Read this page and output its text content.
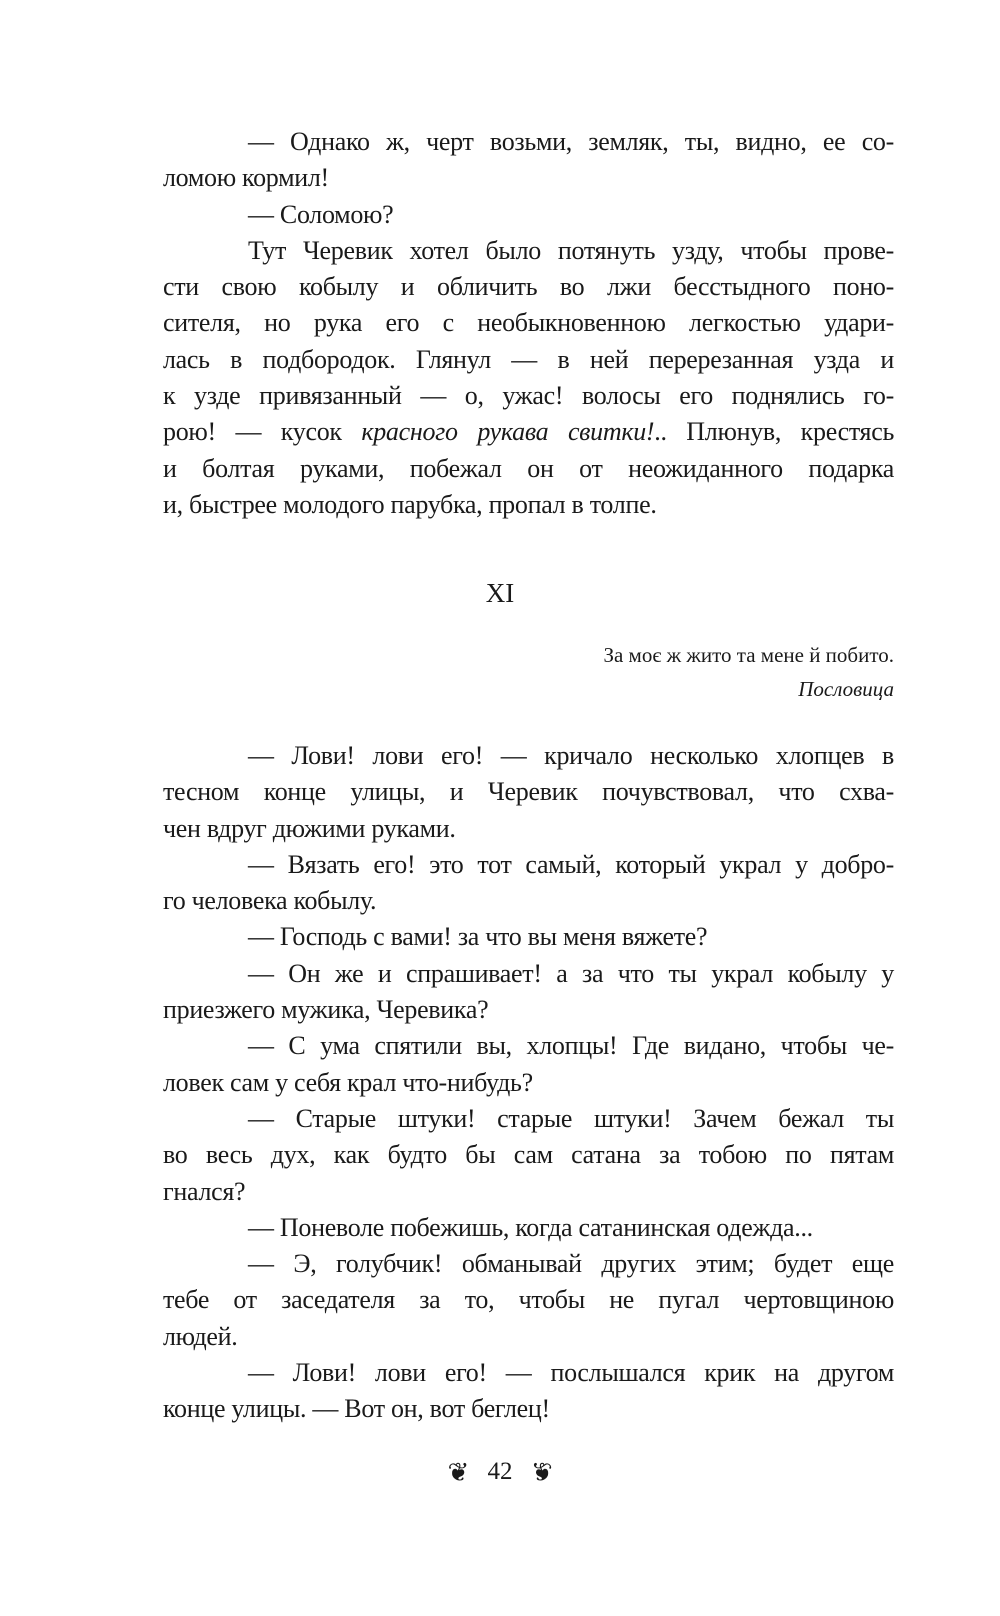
— Однако ж, черт возьми, земляк, ты, видно, ее со-
ломою кормил!
— Соломою?
Тут Черевик хотел было потянуть узду, чтобы прове-
сти свою кобылу и обличить во лжи бесстыдного поно-
сителя, но рука его с необыкновенною легкостью удари-
лась в подбородок. Глянул — в ней перерезанная узда и
к узде привязанный — о, ужас! волосы его поднялись го-
рою! — кусок красного рукава свитки!.. Плюнув, крестясь
и болтая руками, побежал он от неожиданного подарка
и, быстрее молодого парубка, пропал в толпе.
XI
За моє ж жито та мене й побито.
Пословица
— Лови! лови его! — кричало несколько хлопцев в
тесном конце улицы, и Черевик почувствовал, что схва-
чен вдруг дюжими руками.
— Вязать его! это тот самый, который украл у добро-
го человека кобылу.
— Господь с вами! за что вы меня вяжете?
— Он же и спрашивает! а за что ты украл кобылу у
приезжего мужика, Черевика?
— С ума спятили вы, хлопцы! Где видано, чтобы че-
ловек сам у себя крал что-нибудь?
— Старые штуки! старые штуки! Зачем бежал ты
во весь дух, как будто бы сам сатана за тобою по пятам
гнался?
— Поневоле побежишь, когда сатанинская одежда...
— Э, голубчик! обманывай других этим; будет еще
тебе от заседателя за то, чтобы не пугал чертовщиною
людей.
— Лови! лови его! — послышался крик на другом
конце улицы. — Вот он, вот беглец!
❦ 42 ❦
